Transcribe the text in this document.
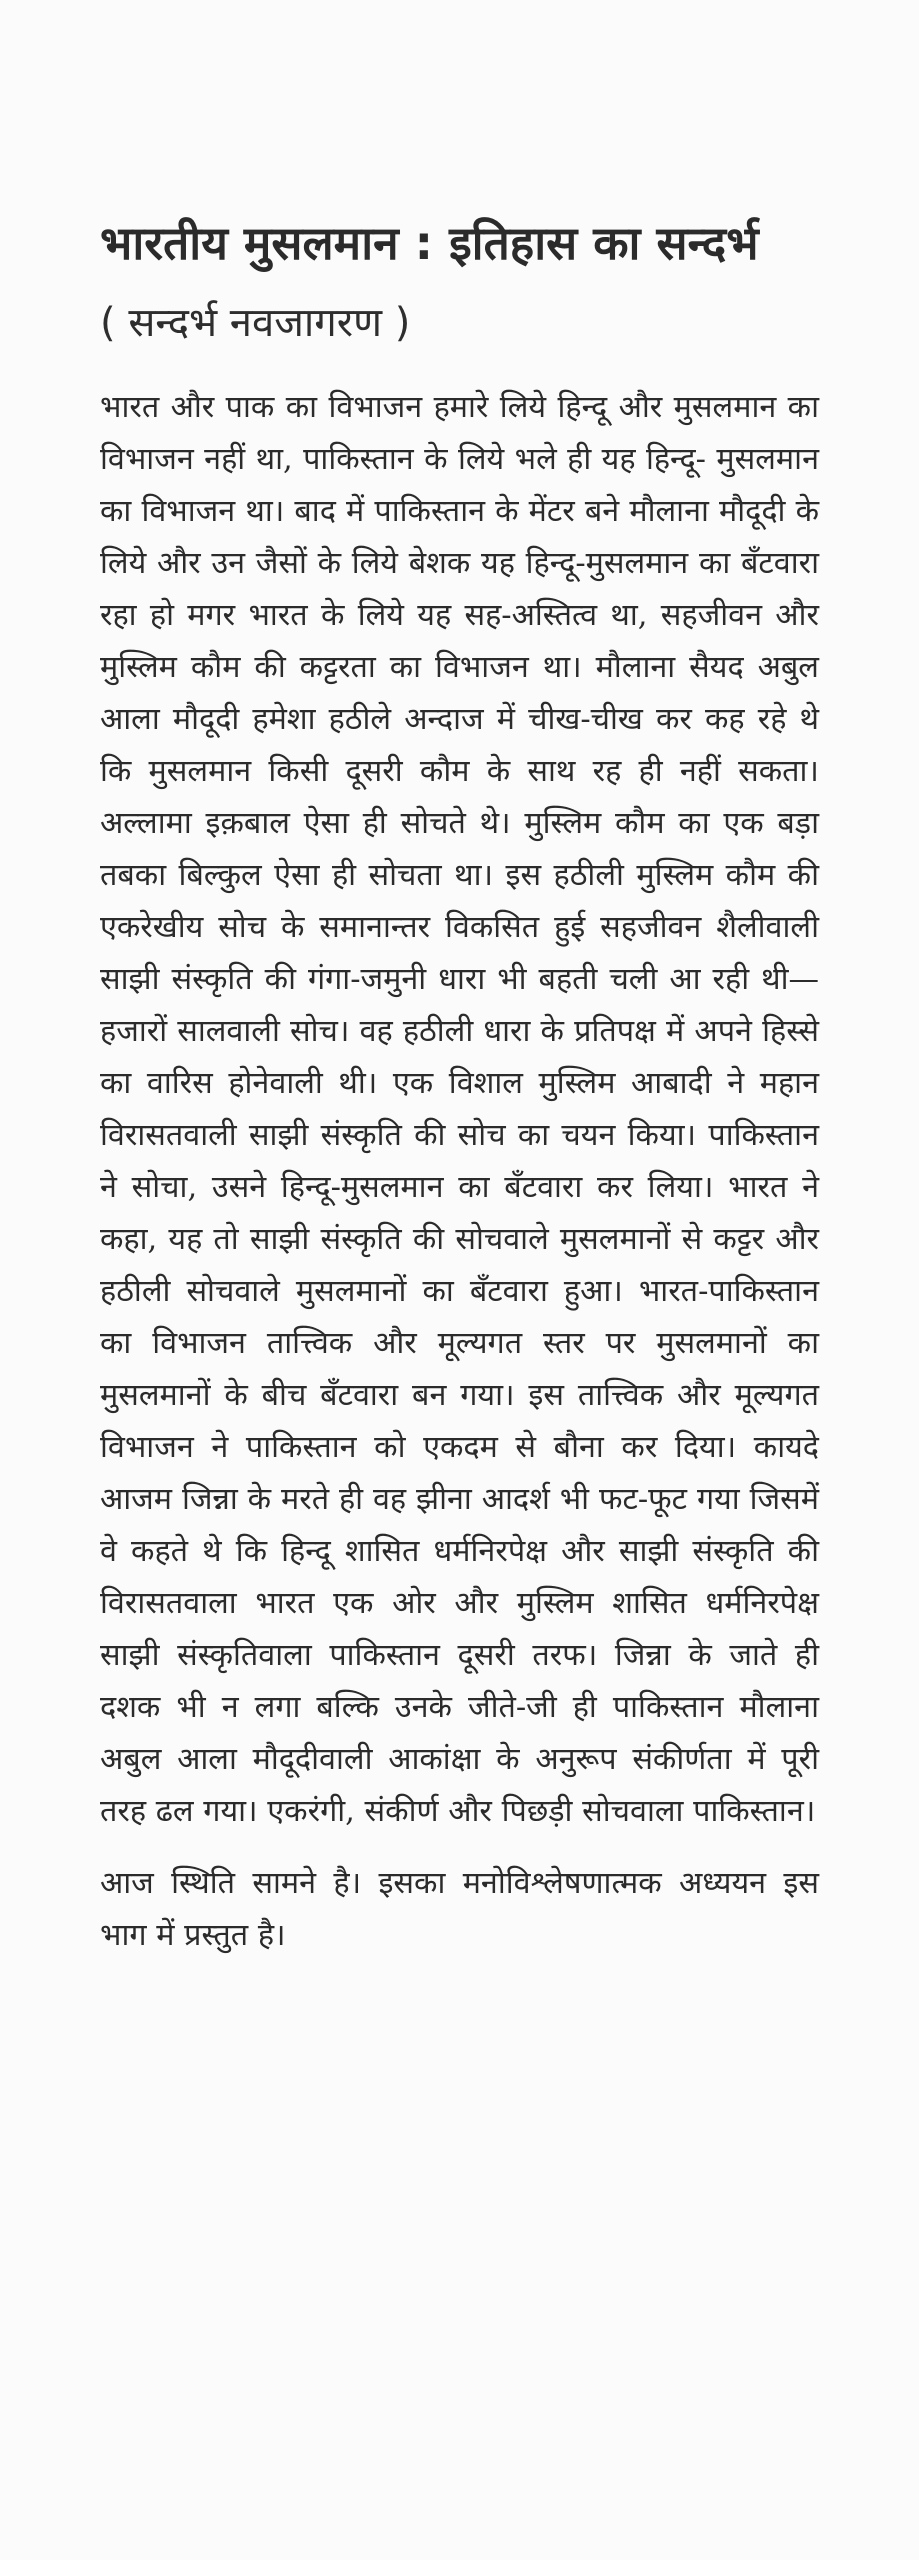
भारतीय मुसलमान : इतिहास का सन्दर्भ
( सन्दर्भ नवजागरण )

भारत और पाक का विभाजन हमारे लिये हिन्दू और मुसलमान का विभाजन नहीं था, पाकिस्तान के लिये भले ही यह हिन्दू- मुसलमान का विभाजन था। बाद में पाकिस्तान के मेंटर बने मौलाना मौदूदी के लिये और उन जैसों के लिये बेशक यह हिन्दू-मुसलमान का बँटवारा रहा हो मगर भारत के लिये यह सह-अस्तित्व था, सहजीवन और मुस्लिम कौम की कट्टरता का विभाजन था। मौलाना सैयद अबुल आला मौदूदी हमेशा हठीले अन्दाज में चीख-चीख कर कह रहे थे कि मुसलमान किसी दूसरी कौम के साथ रह ही नहीं सकता। अल्लामा इक़बाल ऐसा ही सोचते थे। मुस्लिम कौम का एक बड़ा तबका बिल्कुल ऐसा ही सोचता था। इस हठीली मुस्लिम कौम की एकरेखीय सोच के समानान्तर विकसित हुई सहजीवन शैलीवाली साझी संस्कृति की गंगा-जमुनी धारा भी बहती चली आ रही थी—हजारों सालवाली सोच। वह हठीली धारा के प्रतिपक्ष में अपने हिस्से का वारिस होनेवाली थी। एक विशाल मुस्लिम आबादी ने महान विरासतवाली साझी संस्कृति की सोच का चयन किया। पाकिस्तान ने सोचा, उसने हिन्दू-मुसलमान का बँटवारा कर लिया। भारत ने कहा, यह तो साझी संस्कृति की सोचवाले मुसलमानों से कट्टर और हठीली सोचवाले मुसलमानों का बँटवारा हुआ। भारत-पाकिस्तान का विभाजन तात्त्विक और मूल्यगत स्तर पर मुसलमानों का मुसलमानों के बीच बँटवारा बन गया। इस तात्त्विक और मूल्यगत विभाजन ने पाकिस्तान को एकदम से बौना कर दिया। कायदे आजम जिन्ना के मरते ही वह झीना आदर्श भी फट-फूट गया जिसमें वे कहते थे कि हिन्दू शासित धर्मनिरपेक्ष और साझी संस्कृति की विरासतवाला भारत एक ओर और मुस्लिम शासित धर्मनिरपेक्ष साझी संस्कृतिवाला पाकिस्तान दूसरी तरफ। जिन्ना के जाते ही दशक भी न लगा बल्कि उनके जीते-जी ही पाकिस्तान मौलाना अबुल आला मौदूदीवाली आकांक्षा के अनुरूप संकीर्णता में पूरी तरह ढल गया। एकरंगी, संकीर्ण और पिछड़ी सोचवाला पाकिस्तान।

आज स्थिति सामने है। इसका मनोविश्लेषणात्मक अध्ययन इस भाग में प्रस्तुत है।
